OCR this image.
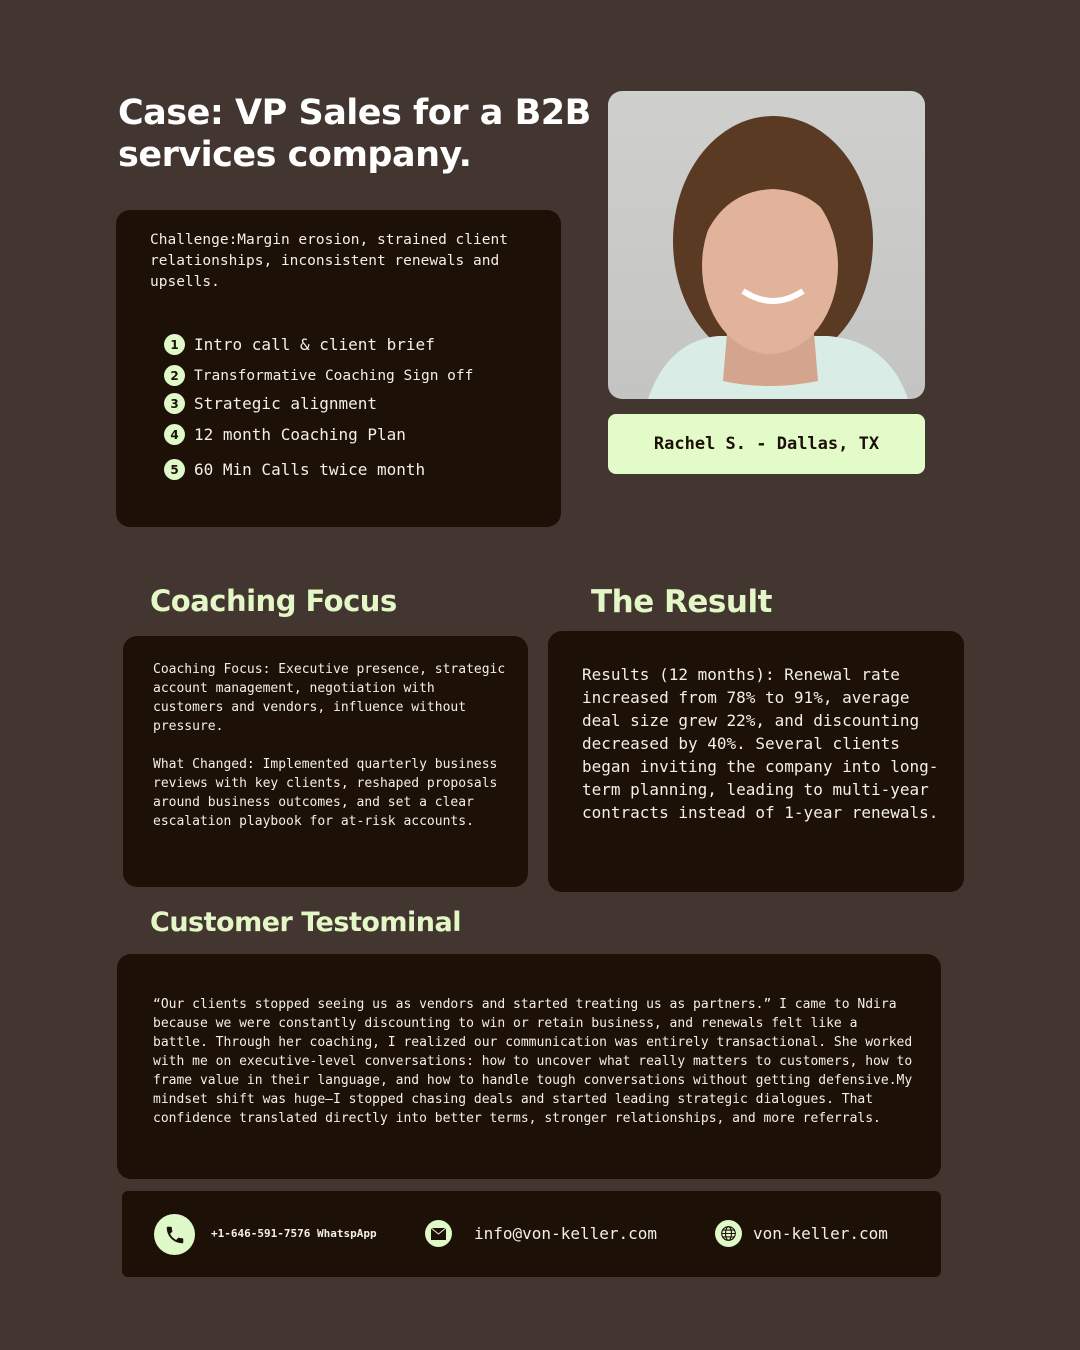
Case: VP Sales for a B2B services company.
Challenge:Margin erosion, strained client relationships, inconsistent renewals and upsells.
1 Intro call & client brief
2	Transformative Coaching Sign off
3 Strategic alignment
4 12 month Coaching Plan
5 60 Min Calls twice month
Rachel S. - Dallas, TX
Coaching Focus	The Result
Coaching Focus: Executive presence, strategic account management, negotiation with customers and vendors, influence without pressure.

What Changed: Implemented quarterly business reviews with key clients, reshaped proposals around business outcomes, and set a clear escalation playbook for at-risk accounts.
Results (12 months): Renewal rate increased from 78% to 91%, average deal size grew 22%, and discounting decreased by 40%. Several clients began inviting the company into long-term planning, leading to multi-year contracts instead of 1-year renewals.
Customer Testominal
“Our clients stopped seeing us as vendors and started treating us as partners.” I came to Ndira because we were constantly discounting to win or retain business, and renewals felt like a battle. Through her coaching, I realized our communication was entirely transactional. She worked with me on executive-level conversations: how to uncover what really matters to customers, how to frame value in their language, and how to handle tough conversations without getting defensive.My mindset shift was huge—I stopped chasing deals and started leading strategic dialogues. That confidence translated directly into better terms, stronger relationships, and more referrals.
+1-646-591-7576 WhatspApp	info@von-keller.com	von-keller.com
